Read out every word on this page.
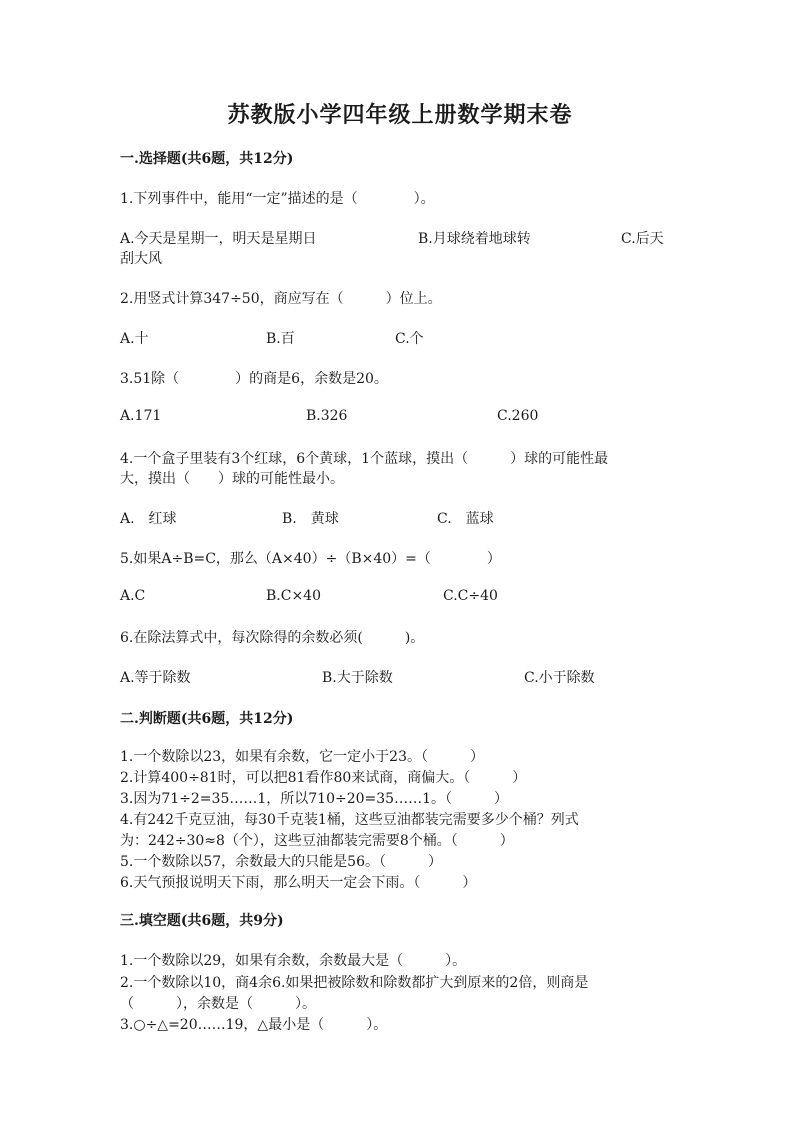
苏教版小学四年级上册数学期末卷
一.选择题(共6题，共12分)
1.下列事件中，能用“一定”描述的是（　　　　）。
A.今天是星期一，明天是星期日	B.月球绕着地球转	C.后天
刮大风
2.用竖式计算347÷50，商应写在（　　　）位上。
A.十	B.百	C.个
3.51除（　　　　）的商是6，余数是20。
A.171	B.326	C.260
4.一个盒子里装有3个红球，6个黄球，1个蓝球，摸出（　　　）球的可能性最
大，摸出（　　）球的可能性最小。
A.　红球	B.　黄球	C.　蓝球
5.如果A÷B=C，那么（A×40）÷（B×40）=（　　　　）
A.C	B.C×40	C.C÷40
6.在除法算式中，每次除得的余数必须(　　　)。
A.等于除数	B.大于除数	C.小于除数
二.判断题(共6题，共12分)
1.一个数除以23，如果有余数，它一定小于23。（　　　）
2.计算400÷81时，可以把81看作80来试商，商偏大。（　　　）
3.因为71÷2=35……1，所以710÷20=35……1。（　　　）
4.有242千克豆油，每30千克装1桶，这些豆油都装完需要多少个桶？列式
为：242÷30≈8（个），这些豆油都装完需要8个桶。（　　　）
5.一个数除以57，余数最大的只能是56。（　　　）
6.天气预报说明天下雨，那么明天一定会下雨。（　　　）
三.填空题(共6题，共9分)
1.一个数除以29，如果有余数，余数最大是（　　　）。
2.一个数除以10，商4余6.如果把被除数和除数都扩大到原来的2倍，则商是
（　　　），余数是（　　　）。
3.○÷△=20……19，△最小是（　　　）。
